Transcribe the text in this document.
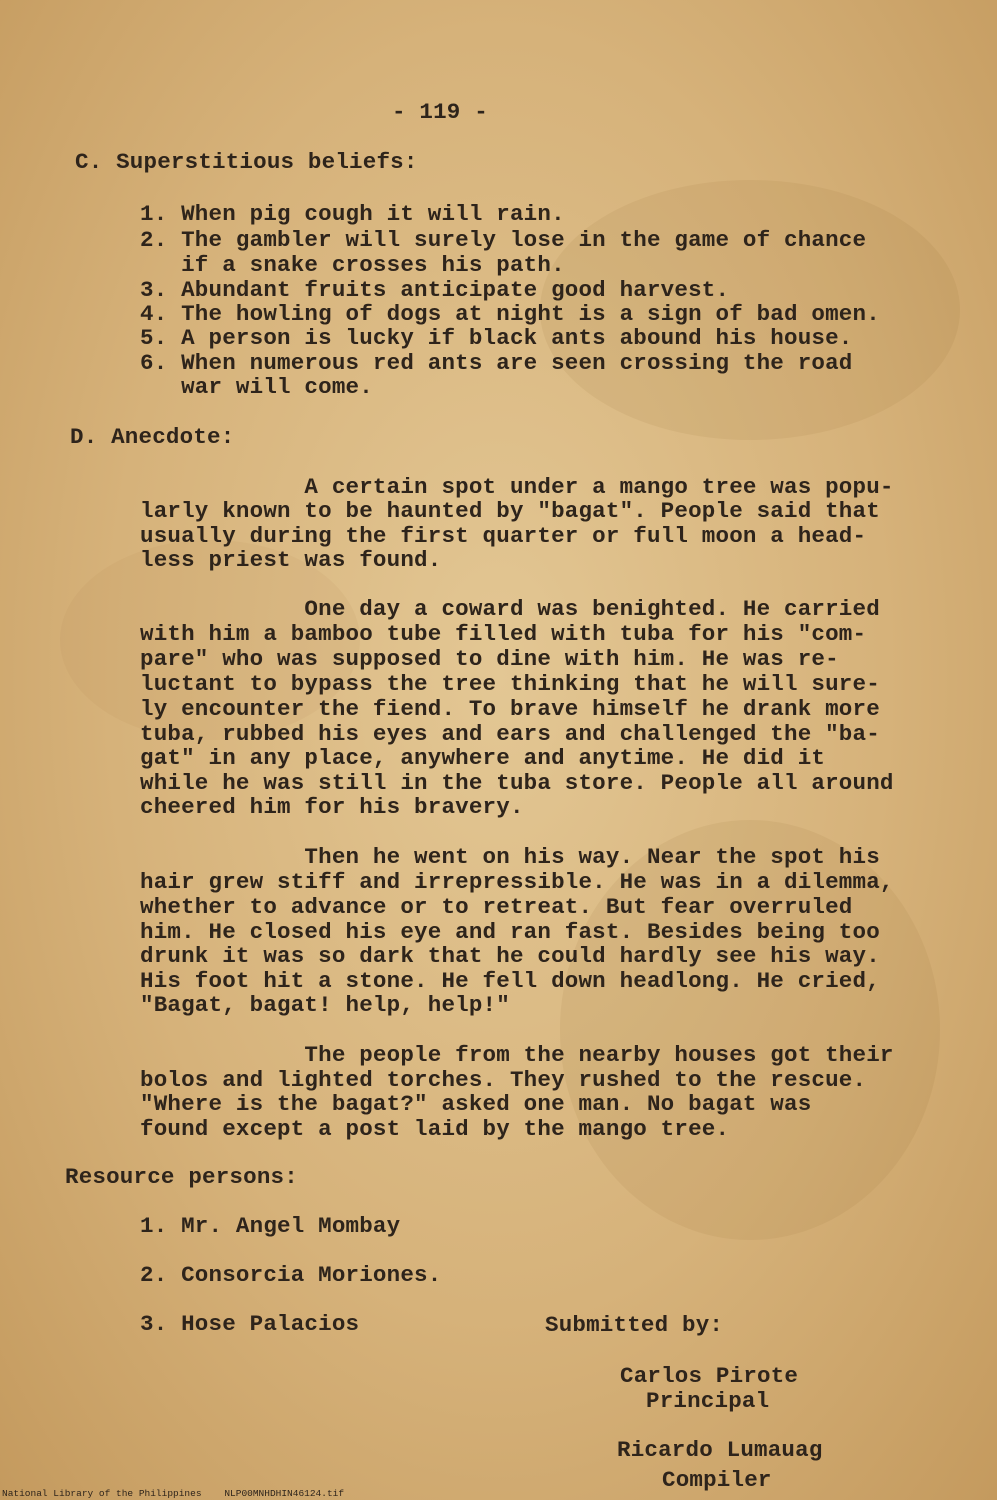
- 119 -
C. Superstitious beliefs:
1. When pig cough it will rain.
2. The gambler will surely lose in the game of chance
if a snake crosses his path.
3. Abundant fruits anticipate good harvest.
4. The howling of dogs at night is a sign of bad omen.
5. A person is lucky if black ants abound his house.
6. When numerous red ants are seen crossing the road
war will come.
D. Anecdote:
A certain spot under a mango tree was popu-
larly known to be haunted by "bagat". People said that
usually during the first quarter or full moon a head-
less priest was found.
One day a coward was benighted. He carried
with him a bamboo tube filled with tuba for his "com-
pare" who was supposed to dine with him. He was re-
luctant to bypass the tree thinking that he will sure-
ly encounter the fiend. To brave himself he drank more
tuba, rubbed his eyes and ears and challenged the "ba-
gat" in any place, anywhere and anytime. He did it
while he was still in the tuba store. People all around
cheered him for his bravery.
Then he went on his way. Near the spot his
hair grew stiff and irrepressible. He was in a dilemma,
whether to advance or to retreat. But fear overruled
him. He closed his eye and ran fast. Besides being too
drunk it was so dark that he could hardly see his way.
His foot hit a stone. He fell down headlong. He cried,
"Bagat, bagat! help, help!"
The people from the nearby houses got their
bolos and lighted torches. They rushed to the rescue.
"Where is the bagat?" asked one man. No bagat was
found except a post laid by the mango tree.
Resource persons:
1. Mr. Angel Mombay
2. Consorcia Moriones.
3. Hose Palacios	Submitted by:
Carlos Pirote
Principal
Ricardo Lumauag
Compiler
National Library of the Philippines    NLP00MNHDHIN46124.tif
